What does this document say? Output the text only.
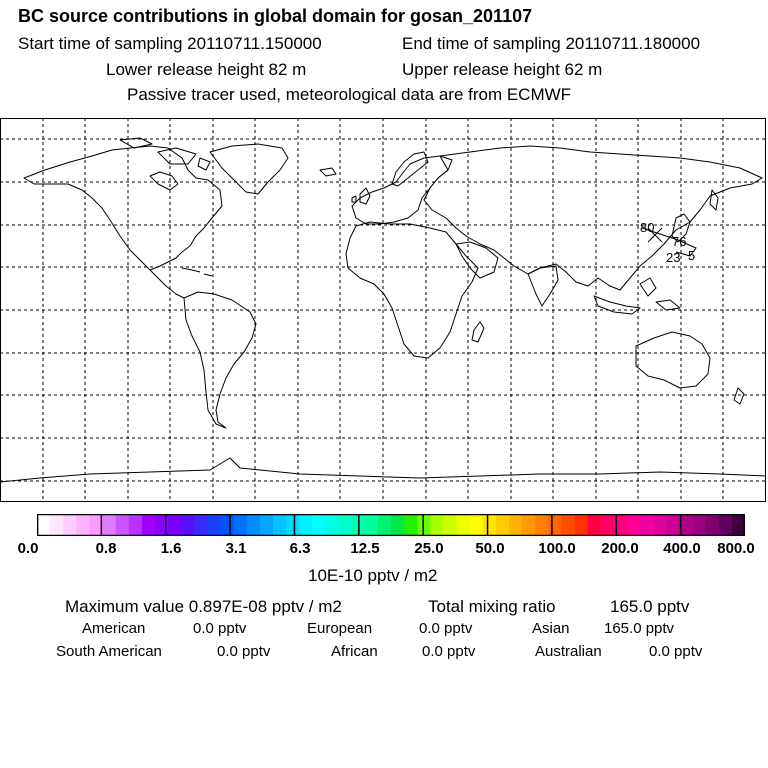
BC source contributions in global domain for gosan_201107
Start time of sampling 20110711.150000	End time of sampling 20110711.180000
Lower release height 82 m	Upper release height 62 m
Passive tracer used, meteorological data are from ECMWF
80
76
23 5
0.0	0.8	1.6	3.1	6.3	12.5 25.0 50.0 100.0 200.0 400.0 800.0
10E-10 pptv / m2
Maximum value 0.897E-08 pptv / m2	Total mixing ratio	165.0 pptv
American	0.0 pptv	European	0.0 pptv	Asian 165.0 pptv
South American	0.0 pptv	African	0.0 pptv	Australian	0.0 pptv
